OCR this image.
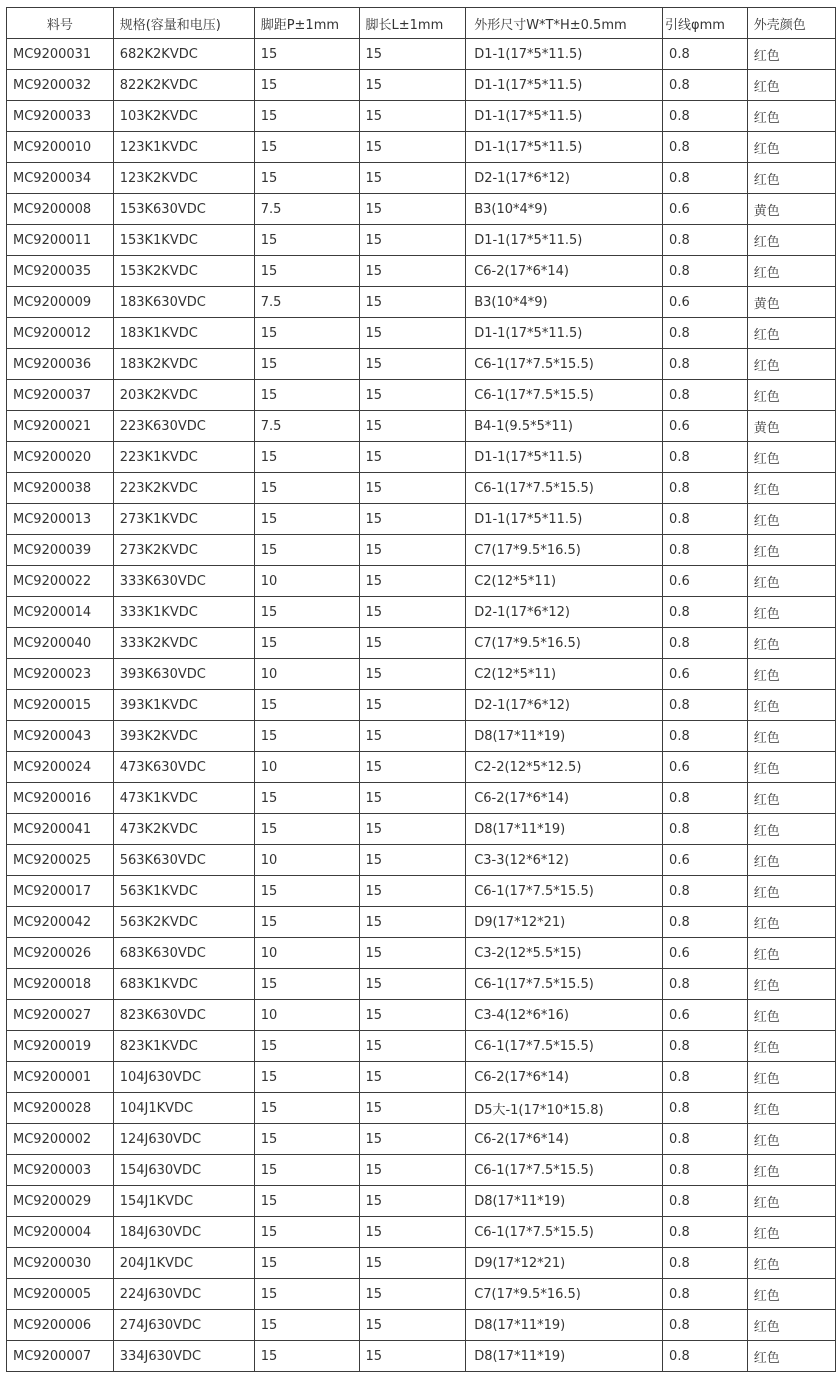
料号	规格(容量和电压)	脚距P±1mm	脚长L±1mm	外形尺寸W*T*H±0.5mm	引线φmm	外壳颜色
MC9200031	682K2KVDC	15	15	D1-1(17*5*11.5)	0.8	红色
MC9200032	822K2KVDC	15	15	D1-1(17*5*11.5)	0.8	红色
MC9200033	103K2KVDC	15	15	D1-1(17*5*11.5)	0.8	红色
MC9200010	123K1KVDC	15	15	D1-1(17*5*11.5)	0.8	红色
MC9200034	123K2KVDC	15	15	D2-1(17*6*12)	0.8	红色
MC9200008	153K630VDC	7.5	15	B3(10*4*9)	0.6	黄色
MC9200011	153K1KVDC	15	15	D1-1(17*5*11.5)	0.8	红色
MC9200035	153K2KVDC	15	15	C6-2(17*6*14)	0.8	红色
MC9200009	183K630VDC	7.5	15	B3(10*4*9)	0.6	黄色
MC9200012	183K1KVDC	15	15	D1-1(17*5*11.5)	0.8	红色
MC9200036	183K2KVDC	15	15	C6-1(17*7.5*15.5)	0.8	红色
MC9200037	203K2KVDC	15	15	C6-1(17*7.5*15.5)	0.8	红色
MC9200021	223K630VDC	7.5	15	B4-1(9.5*5*11)	0.6	黄色
MC9200020	223K1KVDC	15	15	D1-1(17*5*11.5)	0.8	红色
MC9200038	223K2KVDC	15	15	C6-1(17*7.5*15.5)	0.8	红色
MC9200013	273K1KVDC	15	15	D1-1(17*5*11.5)	0.8	红色
MC9200039	273K2KVDC	15	15	C7(17*9.5*16.5)	0.8	红色
MC9200022	333K630VDC	10	15	C2(12*5*11)	0.6	红色
MC9200014	333K1KVDC	15	15	D2-1(17*6*12)	0.8	红色
MC9200040	333K2KVDC	15	15	C7(17*9.5*16.5)	0.8	红色
MC9200023	393K630VDC	10	15	C2(12*5*11)	0.6	红色
MC9200015	393K1KVDC	15	15	D2-1(17*6*12)	0.8	红色
MC9200043	393K2KVDC	15	15	D8(17*11*19)	0.8	红色
MC9200024	473K630VDC	10	15	C2-2(12*5*12.5)	0.6	红色
MC9200016	473K1KVDC	15	15	C6-2(17*6*14)	0.8	红色
MC9200041	473K2KVDC	15	15	D8(17*11*19)	0.8	红色
MC9200025	563K630VDC	10	15	C3-3(12*6*12)	0.6	红色
MC9200017	563K1KVDC	15	15	C6-1(17*7.5*15.5)	0.8	红色
MC9200042	563K2KVDC	15	15	D9(17*12*21)	0.8	红色
MC9200026	683K630VDC	10	15	C3-2(12*5.5*15)	0.6	红色
MC9200018	683K1KVDC	15	15	C6-1(17*7.5*15.5)	0.8	红色
MC9200027	823K630VDC	10	15	C3-4(12*6*16)	0.6	红色
MC9200019	823K1KVDC	15	15	C6-1(17*7.5*15.5)	0.8	红色
MC9200001	104J630VDC	15	15	C6-2(17*6*14)	0.8	红色
MC9200028	104J1KVDC	15	15	D5大-1(17*10*15.8)	0.8	红色
MC9200002	124J630VDC	15	15	C6-2(17*6*14)	0.8	红色
MC9200003	154J630VDC	15	15	C6-1(17*7.5*15.5)	0.8	红色
MC9200029	154J1KVDC	15	15	D8(17*11*19)	0.8	红色
MC9200004	184J630VDC	15	15	C6-1(17*7.5*15.5)	0.8	红色
MC9200030	204J1KVDC	15	15	D9(17*12*21)	0.8	红色
MC9200005	224J630VDC	15	15	C7(17*9.5*16.5)	0.8	红色
MC9200006	274J630VDC	15	15	D8(17*11*19)	0.8	红色
MC9200007	334J630VDC	15	15	D8(17*11*19)	0.8	红色
